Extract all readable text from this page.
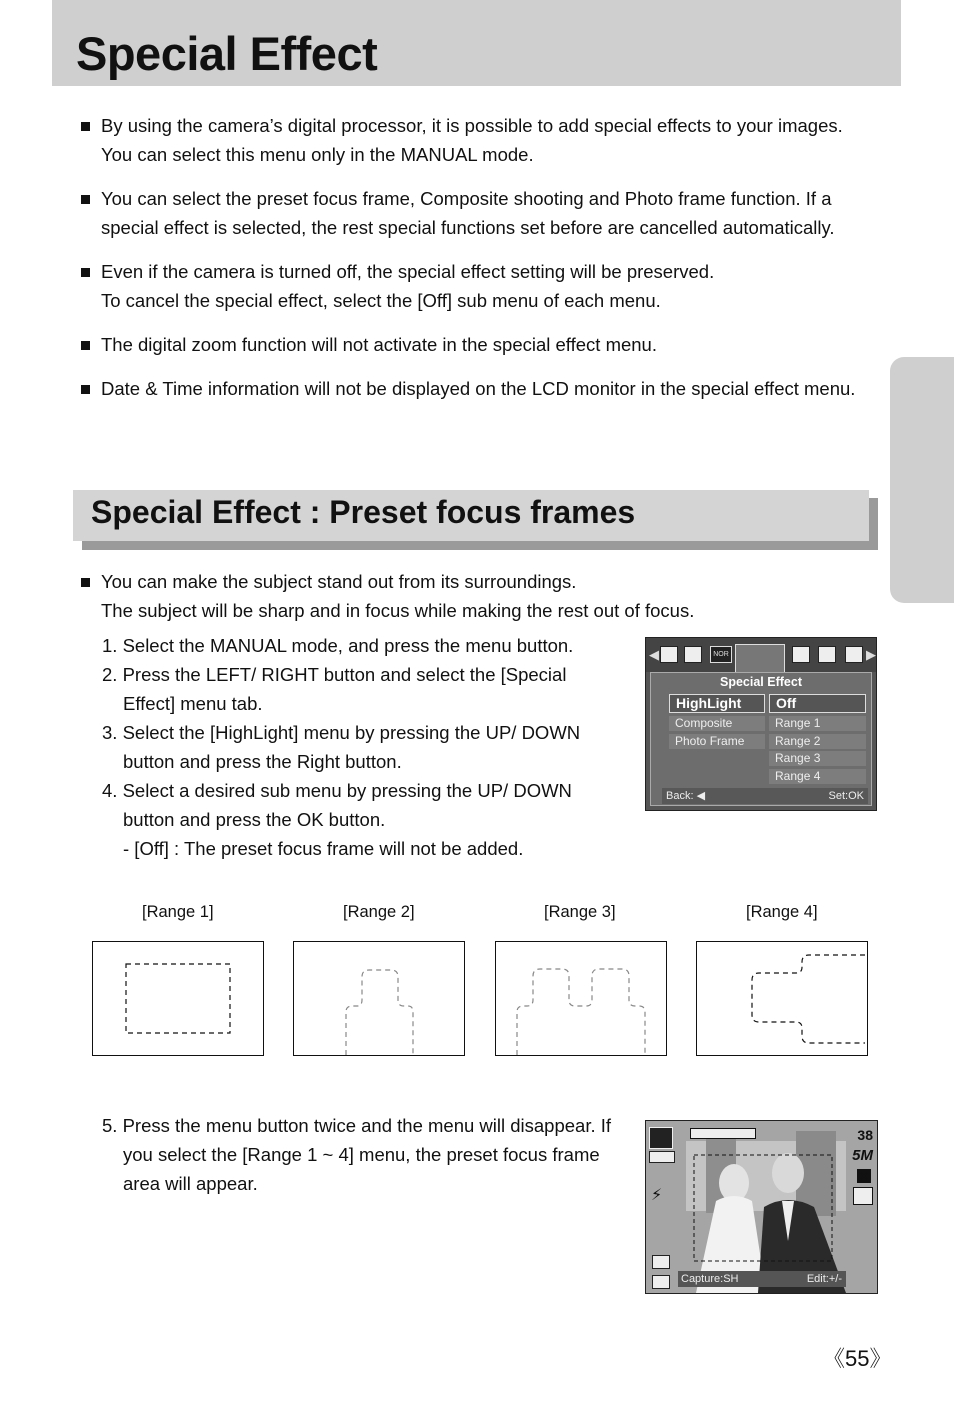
Special Effect
By using the camera’s digital processor, it is possible to add special effects to your images.
You can select this menu only in the MANUAL mode.
You can select the preset focus frame, Composite shooting and Photo frame function. If a
special effect is selected, the rest special functions set before are cancelled automatically.
Even if the camera is turned off, the special effect setting will be preserved.
To cancel the special effect, select the [Off] sub menu of each menu.
The digital zoom function will not activate in the special effect menu.
Date & Time information will not be displayed on the LCD monitor in the special effect menu.
Special Effect : Preset focus frames
You can make the subject stand out from its surroundings.
The subject will be sharp and in focus while making the rest out of focus.
1. Select the MANUAL mode, and press the menu button.
2. Press the LEFT/ RIGHT button and select the [Special Effect] menu tab.
3. Select the [HighLight] menu by pressing the UP/ DOWN button and press the Right button.
4. Select a desired sub menu by pressing the UP/ DOWN button and press the OK button.
- [Off] : The preset focus frame will not be added.
◀	NOR	▶
Special Effect
HighLight
Composite
Photo Frame
Off
Range 1
Range 2
Range 3
Range 4
Back: ◀	Set:OK
[Range 1]	[Range 2]	[Range 3]	[Range 4]
5. Press the menu button twice and the menu will disappear. If you select the [Range 1 ~ 4] menu, the preset focus frame area will appear.
⚡
38
5M
Capture:SH	Edit:+/-
《55》
